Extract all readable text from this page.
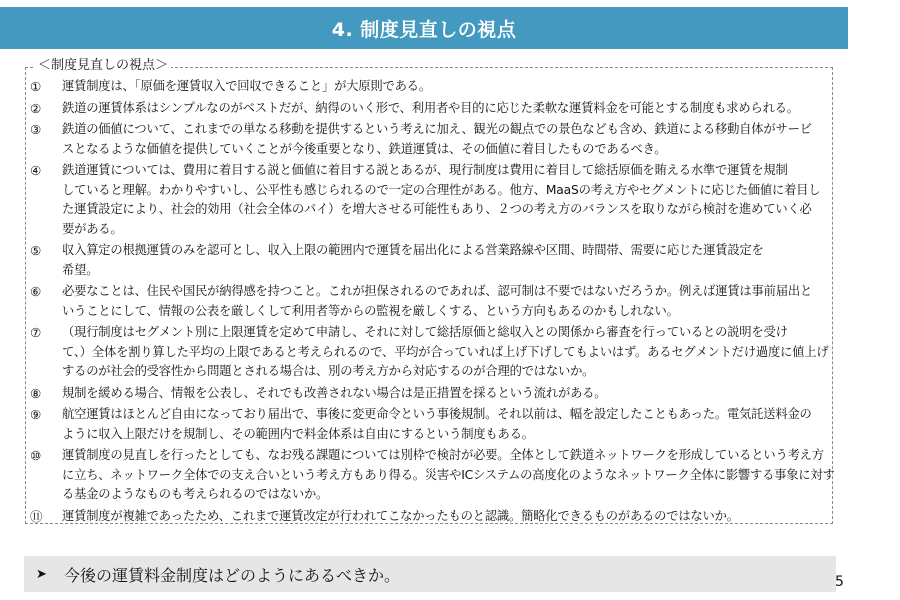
4. 制度見直しの視点
＜制度見直しの視点＞
①	運賃制度は、「原価を運賃収入で回収できること」が大原則である。
②	鉄道の運賃体系はシンプルなのがベストだが、納得のいく形で、利用者や目的に応じた柔軟な運賃料金を可能とする制度も求められる。
③	鉄道の価値について、これまでの単なる移動を提供するという考えに加え、観光の観点での景色なども含め、鉄道による移動自体がサービ
スとなるような価値を提供していくことが今後重要となり、鉄道運賃は、その価値に着目したものであるべき。
④	鉄道運賃については、費用に着目する説と価値に着目する説とあるが、現行制度は費用に着目して総括原価を賄える水準で運賃を規制
していると理解。わかりやすいし、公平性も感じられるので一定の合理性がある。他方、MaaSの考え方やセグメントに応じた価値に着目し
た運賃設定により、社会的効用（社会全体のパイ）を増大させる可能性もあり、２つの考え方のバランスを取りながら検討を進めていく必
要がある。
⑤	収入算定の根拠運賃のみを認可とし、収入上限の範囲内で運賃を届出化による営業路線や区間、時間帯、需要に応じた運賃設定を
希望。
⑥	必要なことは、住民や国民が納得感を持つこと。これが担保されるのであれば、認可制は不要ではないだろうか。例えば運賃は事前届出と
いうことにして、情報の公表を厳しくして利用者等からの監視を厳しくする、という方向もあるのかもしれない。
⑦	（現行制度はセグメント別に上限運賃を定めて申請し、それに対して総括原価と総収入との関係から審査を行っているとの説明を受け
て、）全体を割り算した平均の上限であると考えられるので、平均が合っていれば上げ下げしてもよいはず。あるセグメントだけ過度に値上げ
するのが社会的受容性から問題とされる場合は、別の考え方から対応するのが合理的ではないか。
⑧	規制を緩める場合、情報を公表し、それでも改善されない場合は是正措置を採るという流れがある。
⑨	航空運賃はほとんど自由になっており届出で、事後に変更命令という事後規制。それ以前は、幅を設定したこともあった。電気託送料金の
ように収入上限だけを規制し、その範囲内で料金体系は自由にするという制度もある。
⑩	運賃制度の見直しを行ったとしても、なお残る課題については別枠で検討が必要。全体として鉄道ネットワークを形成しているという考え方
に立ち、ネットワーク全体での支え合いという考え方もあり得る。災害やICシステムの高度化のようなネットワーク全体に影響する事象に対す
る基金のようなものも考えられるのではないか。
⑪	運賃制度が複雑であったため、これまで運賃改定が行われてこなかったものと認識。簡略化できるものがあるのではないか。
➤ 今後の運賃料金制度はどのようにあるべきか。	5
